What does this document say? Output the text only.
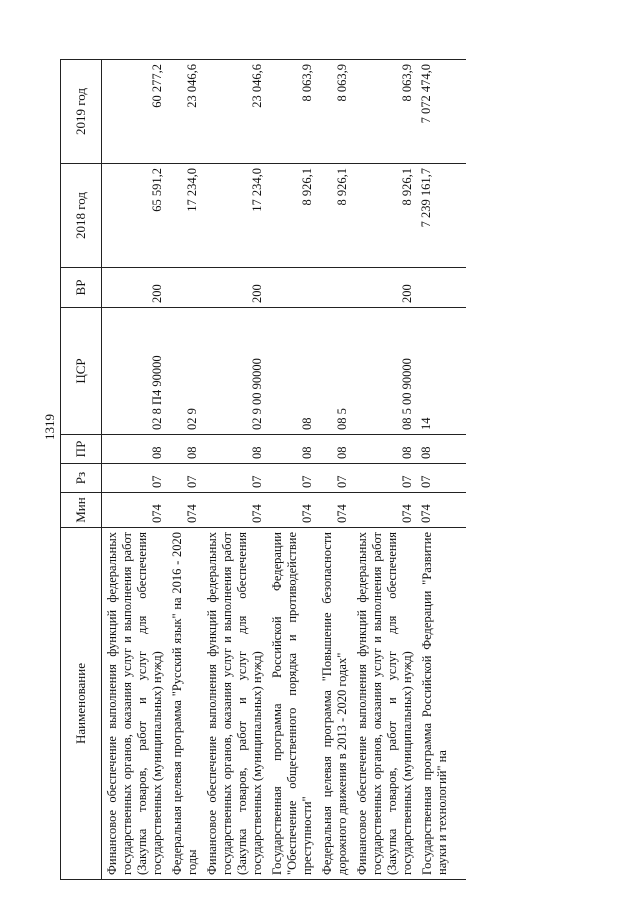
1319
Наименование	Мин	Рз	ПР	ЦСР	ВР	2018 год	2019 год
Финансовое обеспечение выполнения функций федеральных государственных органов, оказания услуг и выполнения работ (Закупка товаров, работ и услуг для обеспечения государственных (муниципальных) нужд)	074	07	08	02 8 П4 90000	200	65 591,2	60 277,2
Федеральная целевая программа "Русский язык" на 2016 - 2020 годы	074	07	08	02 9		17 234,0	23 046,6
Финансовое обеспечение выполнения функций федеральных государственных органов, оказания услуг и выполнения работ (Закупка товаров, работ и услуг для обеспечения государственных (муниципальных) нужд)	074	07	08	02 9 00 90000	200	17 234,0	23 046,6
Государственная программа Российской Федерации "Обеспечение общественного порядка и противодействие преступности"	074	07	08	08		8 926,1	8 063,9
Федеральная целевая программа "Повышение безопасности дорожного движения в 2013 - 2020 годах"	074	07	08	08 5		8 926,1	8 063,9
Финансовое обеспечение выполнения функций федеральных государственных органов, оказания услуг и выполнения работ (Закупка товаров, работ и услуг для обеспечения государственных (муниципальных) нужд)	074	07	08	08 5 00 90000	200	8 926,1	8 063,9
Государственная программа Российской Федерации "Развитие науки и технологий" на	074	07	08	14		7 239 161,7	7 072 474,0
